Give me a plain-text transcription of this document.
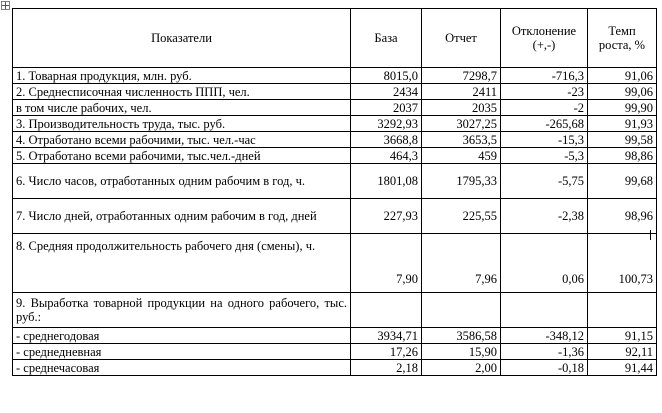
Показатели	База	Отчет	Отклонение (+,-)	Темп роста, %
1. Товарная продукция, млн. руб.	8015,0	7298,7	-716,3	91,06
2. Среднесписочная численность ППП, чел.	2434	2411	-23	99,06
в том числе рабочих, чел.	2037	2035	-2	99,90
3. Производительность труда, тыс. руб.	3292,93	3027,25	-265,68	91,93
4. Отработано всеми рабочими, тыс. чел.-час	3668,8	3653,5	-15,3	99,58
5. Отработано всеми рабочими, тыс.чел.-дней	464,3	459	-5,3	98,86
6. Число часов, отработанных одним рабочим в год, ч.	1801,08	1795,33	-5,75	99,68
7. Число дней, отработанных одним рабочим в год, дней	227,93	225,55	-2,38	98,96
8. Средняя продолжительность рабочего дня (смены), ч.	7,90	7,96	0,06	100,73
9. Выработка товарной продукции на одного рабочего, тыс. руб.:				
- среднегодовая	3934,71	3586,58	-348,12	91,15
- среднедневная	17,26	15,90	-1,36	92,11
- среднечасовая	2,18	2,00	-0,18	91,44
